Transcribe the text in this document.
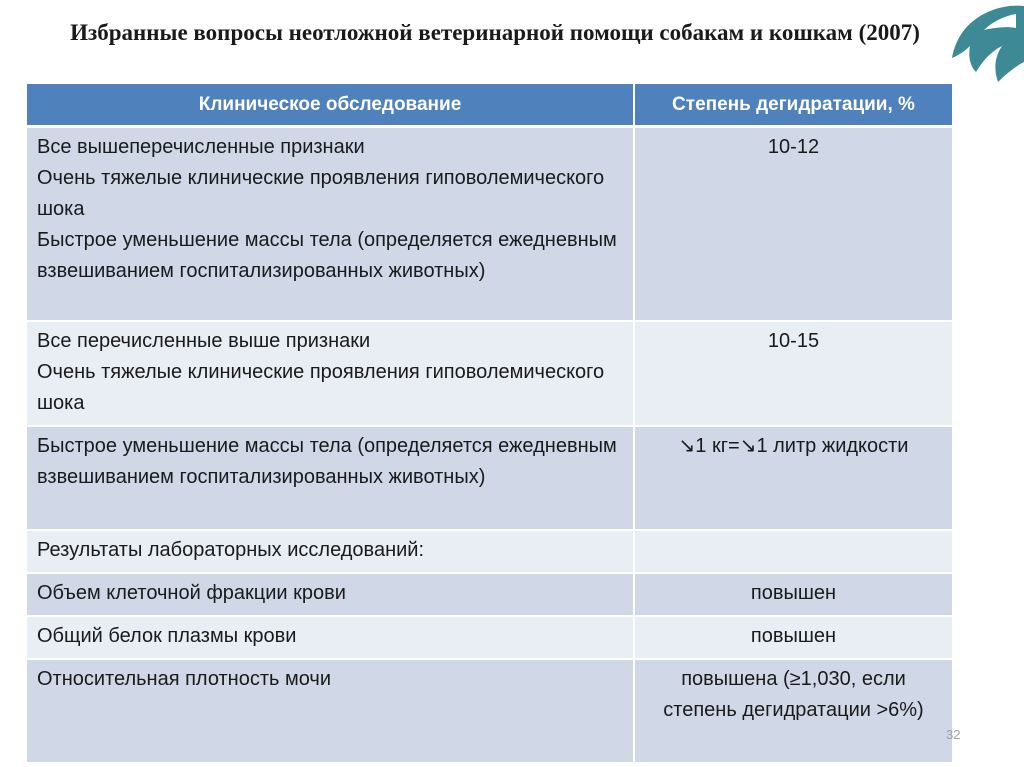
Избранные вопросы неотложной ветеринарной помощи собакам и кошкам (2007)
Клиническое обследование	Степень дегидратации, %

Все вышеперечисленные признаки
Очень тяжелые клинические проявления гиповолемического шока
Быстрое уменьшение массы тела (определяется ежедневным взвешиванием госпитализированных животных)	10-12

Все перечисленные выше признаки
Очень тяжелые клинические проявления гиповолемического шока	10-15

Быстрое уменьшение массы тела (определяется ежедневным взвешиванием госпитализированных животных)	↘1 кг=↘1 литр жидкости

Результаты лабораторных исследований:	

Объем клеточной фракции крови	повышен

Общий белок плазмы крови	повышен

Относительная плотность мочи	повышена (≥1,030, если степень дегидратации >6%)
32
